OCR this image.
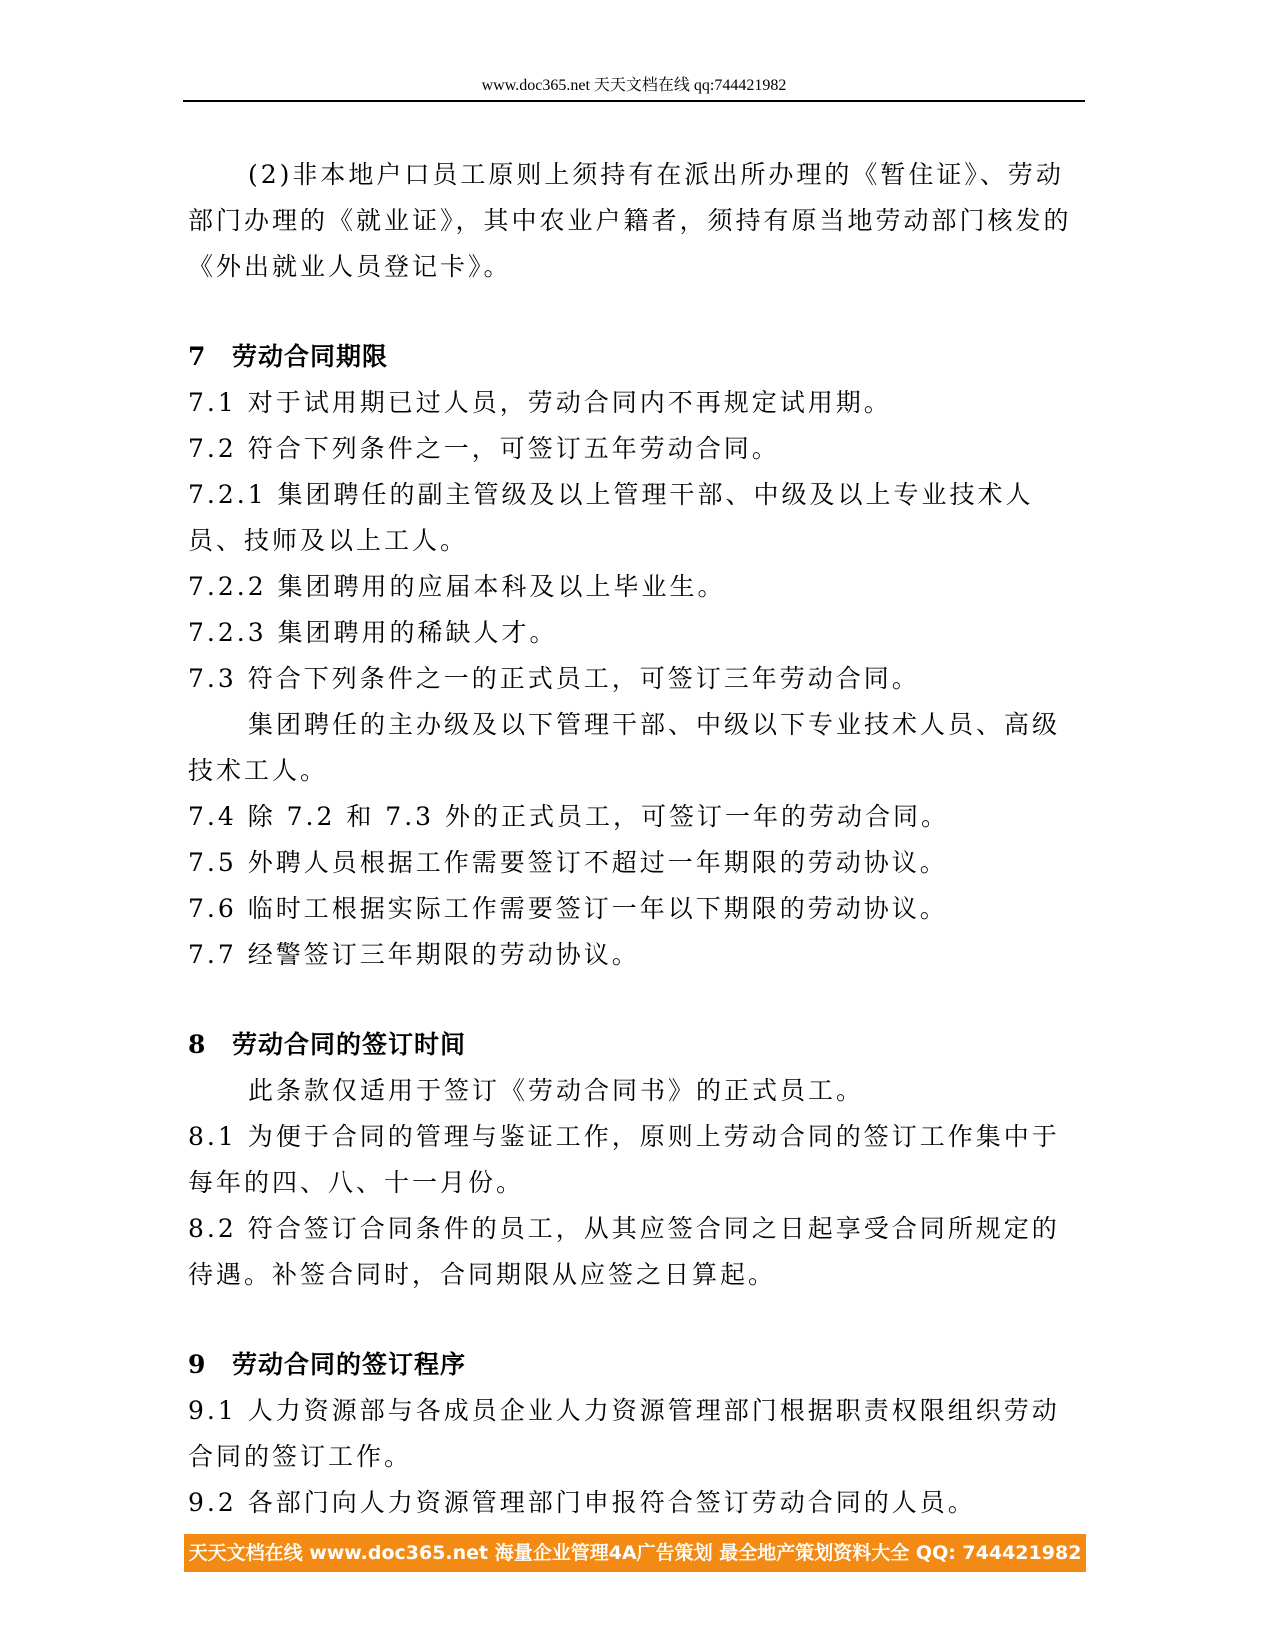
www.doc365.net 天天文档在线 qq:744421982

(2)非本地户口员工原则上须持有在派出所办理的《暂住证》、劳动部门办理的《就业证》，其中农业户籍者，须持有原当地劳动部门核发的《外出就业人员登记卡》。

7 劳动合同期限

7.1 对于试用期已过人员，劳动合同内不再规定试用期。

7.2 符合下列条件之一，可签订五年劳动合同。

7.2.1 集团聘任的副主管级及以上管理干部、中级及以上专业技术人员、技师及以上工人。

7.2.2 集团聘用的应届本科及以上毕业生。

7.2.3 集团聘用的稀缺人才。

7.3 符合下列条件之一的正式员工，可签订三年劳动合同。

集团聘任的主办级及以下管理干部、中级以下专业技术人员、高级技术工人。

7.4 除 7.2 和 7.3 外的正式员工，可签订一年的劳动合同。

7.5 外聘人员根据工作需要签订不超过一年期限的劳动协议。

7.6 临时工根据实际工作需要签订一年以下期限的劳动协议。

7.7 经警签订三年期限的劳动协议。

8 劳动合同的签订时间

此条款仅适用于签订《劳动合同书》的正式员工。

8.1 为便于合同的管理与鉴证工作，原则上劳动合同的签订工作集中于每年的四、八、十一月份。

8.2 符合签订合同条件的员工，从其应签合同之日起享受合同所规定的待遇。补签合同时，合同期限从应签之日算起。

9 劳动合同的签订程序

9.1 人力资源部与各成员企业人力资源管理部门根据职责权限组织劳动合同的签订工作。

9.2 各部门向人力资源管理部门申报符合签订劳动合同的人员。

天天文档在线 www.doc365.net 海量企业管理4A广告策划 最全地产策划资料大全 QQ: 744421982
